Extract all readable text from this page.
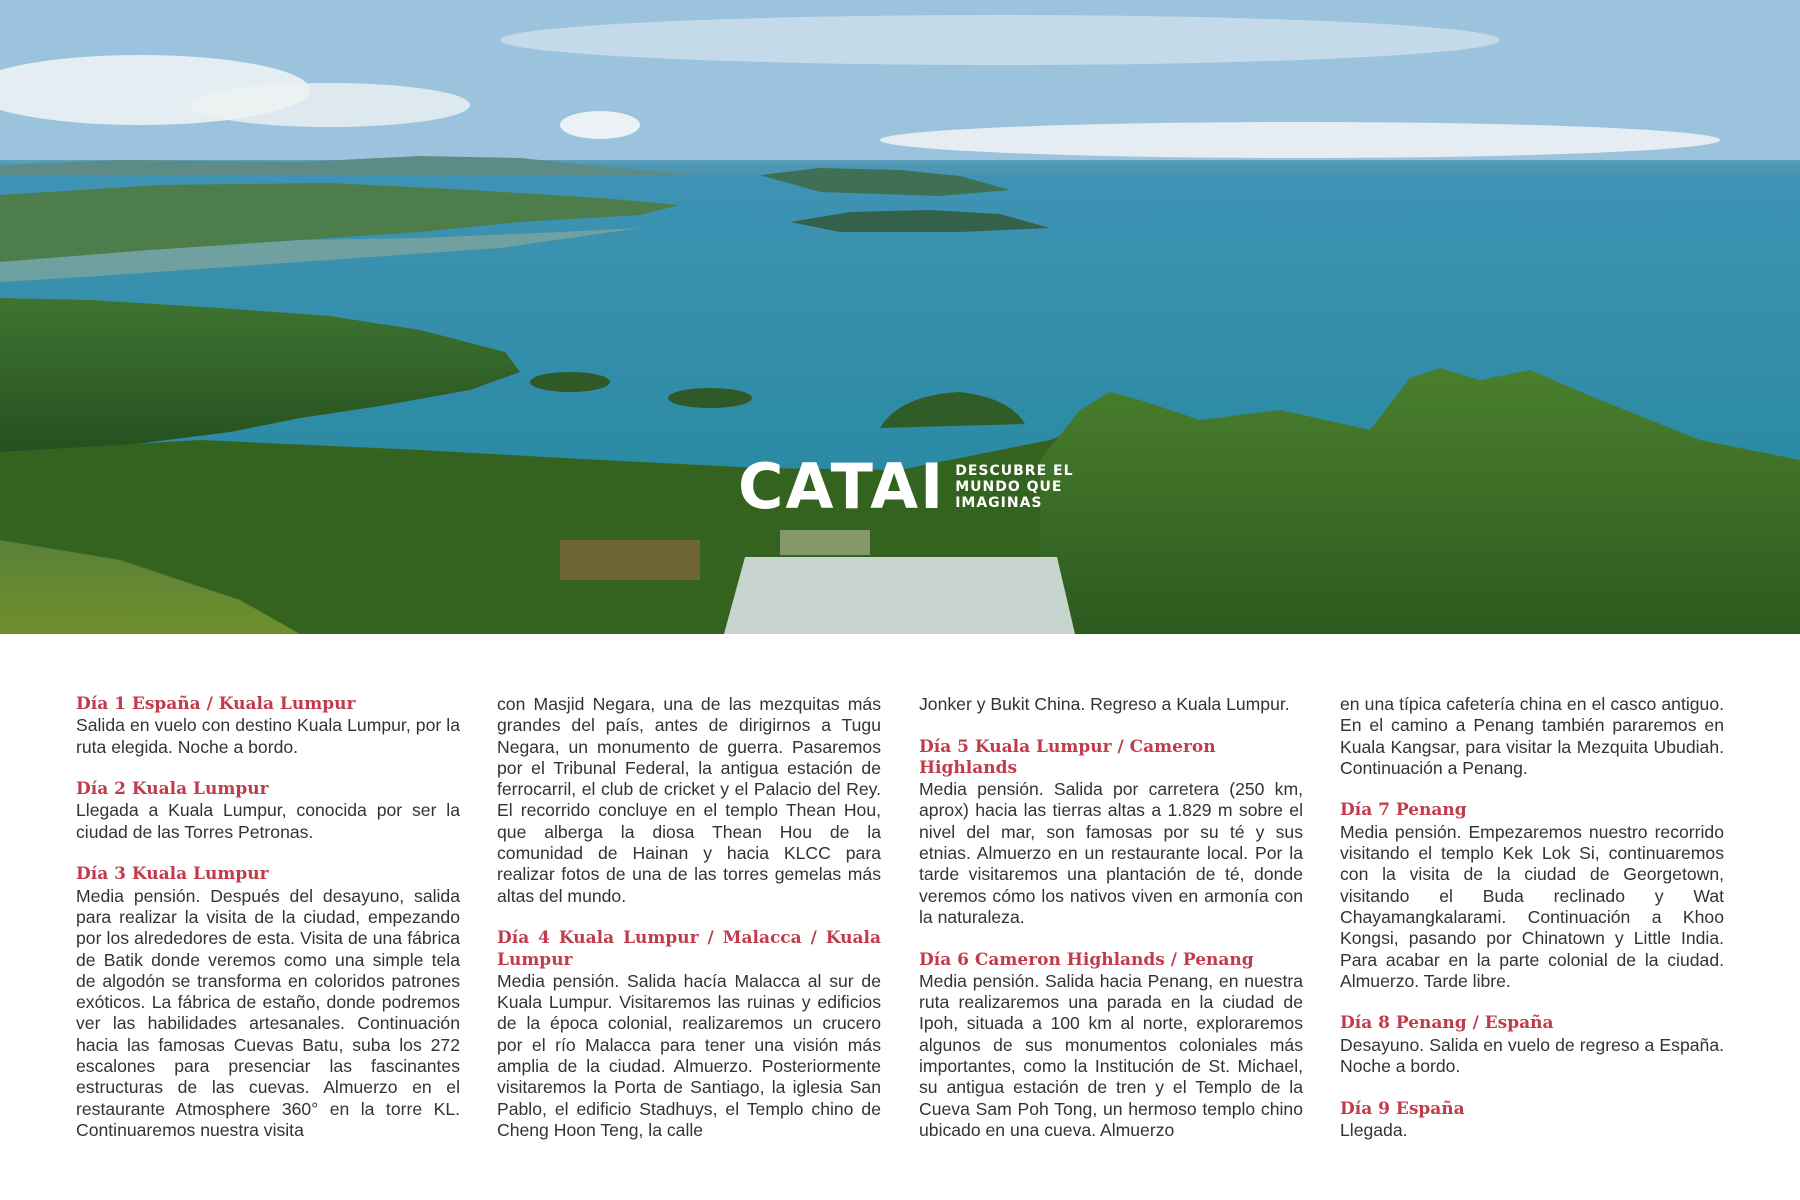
CATAI DESCUBRE EL
MUNDO QUE
IMAGINAS

Día 1 España / Kuala Lumpur

Salida en vuelo con destino Kuala Lumpur, por la ruta elegida. Noche a bordo.

Día 2 Kuala Lumpur

Llegada a Kuala Lumpur, conocida por ser la ciudad de las Torres Petronas.

Día 3 Kuala Lumpur

Media pensión. Después del desayuno, salida para realizar la visita de la ciudad, empezando por los alrededores de esta. Visita de una fábrica de Batik donde veremos como una simple tela de algodón se transforma en coloridos patrones exóticos. La fábrica de estaño, donde podremos ver las habilidades artesanales. Continuación hacia las famosas Cuevas Batu, suba los 272 escalones para presenciar las fascinantes estructuras de las cuevas. Almuerzo en el restaurante Atmosphere 360° en la torre KL. Continuaremos nuestra visita

con Masjid Negara, una de las mezquitas más grandes del país, antes de dirigirnos a Tugu Negara, un monumento de guerra. Pasaremos por el Tribunal Federal, la antigua estación de ferrocarril, el club de cricket y el Palacio del Rey. El recorrido concluye en el templo Thean Hou, que alberga la diosa Thean Hou de la comunidad de Hainan y hacia KLCC para realizar fotos de una de las torres gemelas más altas del mundo.

Día 4 Kuala Lumpur / Malacca / Kuala Lumpur

Media pensión. Salida hacía Malacca al sur de Kuala Lumpur. Visitaremos las ruinas y edificios de la época colonial, realizaremos un crucero por el río Malacca para tener una visión más amplia de la ciudad. Almuerzo. Posteriormente visitaremos la Porta de Santiago, la iglesia San Pablo, el edificio Stadhuys, el Templo chino de Cheng Hoon Teng, la calle

Jonker y Bukit China. Regreso a Kuala Lumpur.

Día 5 Kuala Lumpur / Cameron Highlands

Media pensión. Salida por carretera (250 km, aprox) hacia las tierras altas a 1.829 m sobre el nivel del mar, son famosas por su té y sus etnias. Almuerzo en un restaurante local. Por la tarde visitaremos una plantación de té, donde veremos cómo los nativos viven en armonía con la naturaleza.

Día 6 Cameron Highlands / Penang

Media pensión. Salida hacia Penang, en nuestra ruta realizaremos una parada en la ciudad de Ipoh, situada a 100 km al norte, exploraremos algunos de sus monumentos coloniales más importantes, como la Institución de St. Michael, su antigua estación de tren y el Templo de la Cueva Sam Poh Tong, un hermoso templo chino ubicado en una cueva. Almuerzo

en una típica cafetería china en el casco antiguo. En el camino a Penang también pararemos en Kuala Kangsar, para visitar la Mezquita Ubudiah. Continuación a Penang.

Día 7 Penang

Media pensión. Empezaremos nuestro recorrido visitando el templo Kek Lok Si, continuaremos con la visita de la ciudad de Georgetown, visitando el Buda reclinado y Wat Chayamangkalarami. Continuación a Khoo Kongsi, pasando por Chinatown y Little India. Para acabar en la parte colonial de la ciudad. Almuerzo. Tarde libre.

Día 8 Penang / España

Desayuno. Salida en vuelo de regreso a España. Noche a bordo.

Día 9 España

Llegada.
